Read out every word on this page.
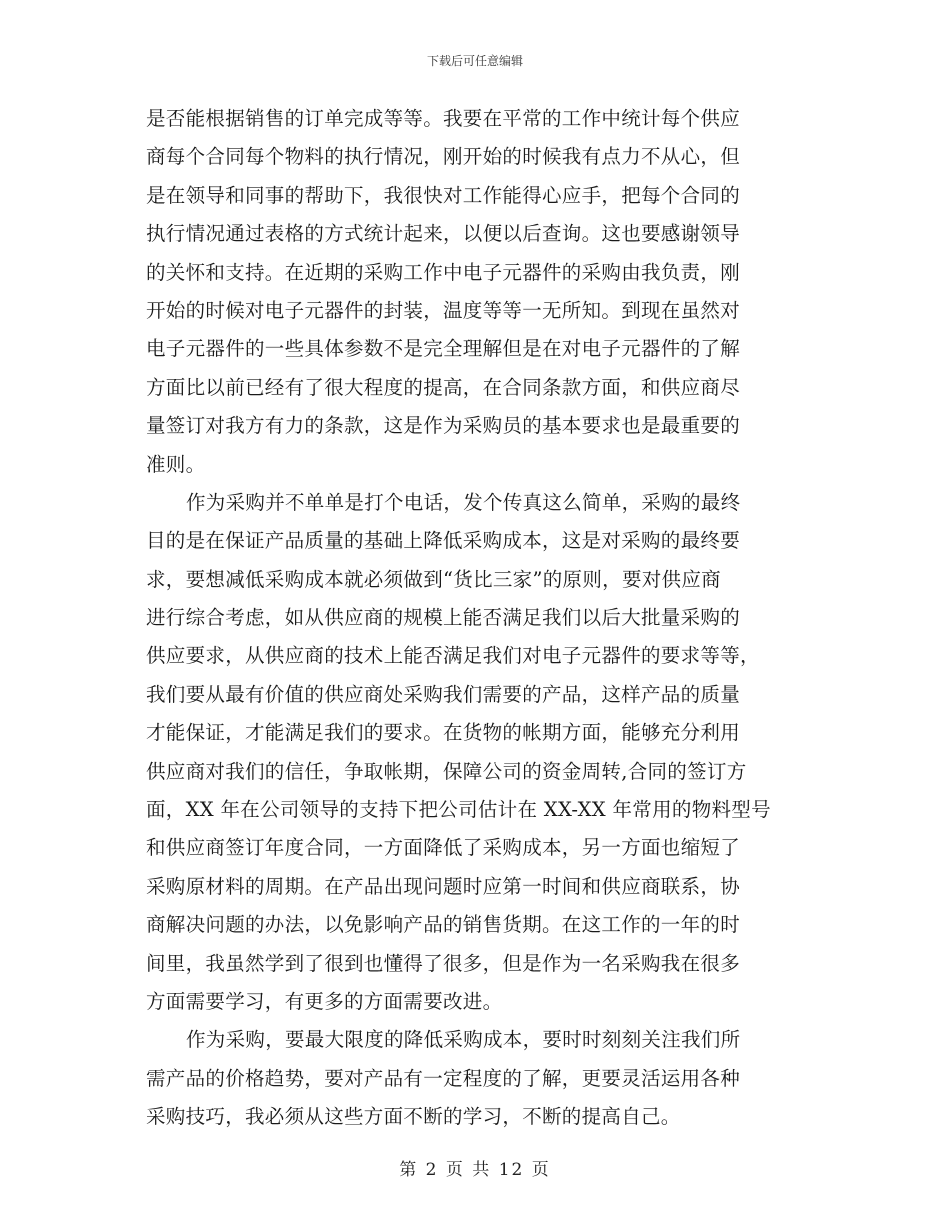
下载后可任意编辑
是否能根据销售的订单完成等等。我要在平常的工作中统计每个供应
商每个合同每个物料的执行情况，刚开始的时候我有点力不从心，但
是在领导和同事的帮助下，我很快对工作能得心应手，把每个合同的
执行情况通过表格的方式统计起来，以便以后查询。这也要感谢领导
的关怀和支持。在近期的采购工作中电子元器件的采购由我负责，刚
开始的时候对电子元器件的封装，温度等等一无所知。到现在虽然对
电子元器件的一些具体参数不是完全理解但是在对电子元器件的了解
方面比以前已经有了很大程度的提高，在合同条款方面，和供应商尽
量签订对我方有力的条款，这是作为采购员的基本要求也是最重要的
准则。
作为采购并不单单是打个电话，发个传真这么简单，采购的最终
目的是在保证产品质量的基础上降低采购成本，这是对采购的最终要
求，要想减低采购成本就必须做到“货比三家”的原则，要对供应商
进行综合考虑，如从供应商的规模上能否满足我们以后大批量采购的
供应要求，从供应商的技术上能否满足我们对电子元器件的要求等等，
我们要从最有价值的供应商处采购我们需要的产品，这样产品的质量
才能保证，才能满足我们的要求。在货物的帐期方面，能够充分利用
供应商对我们的信任，争取帐期，保障公司的资金周转,合同的签订方
面，XX 年在公司领导的支持下把公司估计在 XX-XX 年常用的物料型号
和供应商签订年度合同，一方面降低了采购成本，另一方面也缩短了
采购原材料的周期。在产品出现问题时应第一时间和供应商联系，协
商解决问题的办法，以免影响产品的销售货期。在这工作的一年的时
间里，我虽然学到了很到也懂得了很多，但是作为一名采购我在很多
方面需要学习，有更多的方面需要改进。
作为采购，要最大限度的降低采购成本，要时时刻刻关注我们所
需产品的价格趋势，要对产品有一定程度的了解，更要灵活运用各种
采购技巧，我必须从这些方面不断的学习，不断的提高自己。
第 2 页 共 12 页
